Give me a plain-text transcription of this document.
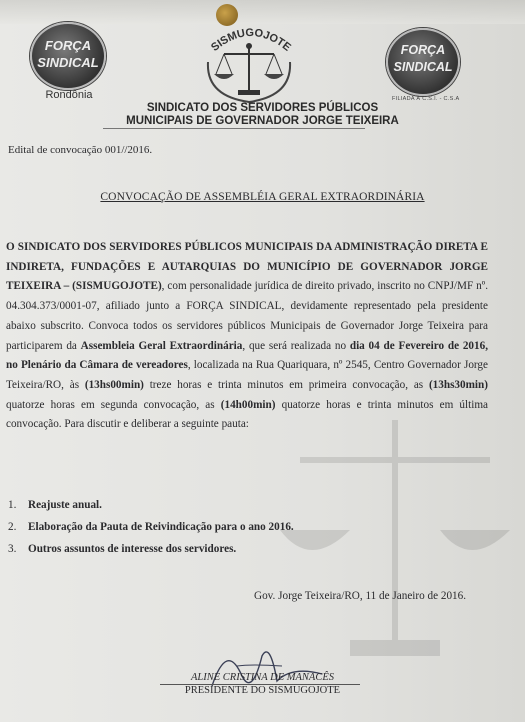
FORÇA
SINDICAL
Rondônia
SISMUGOJOTE	FORÇA
SINDICAL
FILIADA À C.S.I. - C.S.A
SINDICATO DOS SERVIDORES PÚBLICOS
MUNICIPAIS DE GOVERNADOR JORGE TEIXEIRA
Edital de convocação 001//2016.
CONVOCAÇÃO DE ASSEMBLÉIA GERAL EXTRAORDINÁRIA
O SINDICATO DOS SERVIDORES PÚBLICOS MUNICIPAIS DA ADMINISTRAÇÃO DIRETA E INDIRETA, FUNDAÇÕES E AUTARQUIAS DO MUNICÍPIO DE GOVERNADOR JORGE TEIXEIRA – (SISMUGOJOTE), com personalidade jurídica de direito privado, inscrito no CNPJ/MF nº. 04.304.373/0001-07, afiliado junto a FORÇA SINDICAL, devidamente representado pela presidente abaixo subscrito. Convoca todos os servidores públicos Municipais de Governador Jorge Teixeira para participarem da Assembleia Geral Extraordinária, que será realizada no dia 04 de Fevereiro de 2016, no Plenário da Câmara de vereadores, localizada na Rua Quariquara, nº 2545, Centro Governador Jorge Teixeira/RO, às (13hs00min) treze horas e trinta minutos em primeira convocação, as (13hs30min) quatorze horas em segunda convocação, as (14h00min) quatorze horas e trinta minutos em última convocação. Para discutir e deliberar a seguinte pauta:
1. Reajuste anual.
2. Elaboração da Pauta de Reivindicação para o ano 2016.
3. Outros assuntos de interesse dos servidores.
Gov. Jorge Teixeira/RO, 11 de Janeiro de 2016.
ALINE CRISTINA DE MANACÊS
PRESIDENTE DO SISMUGOJOTE
